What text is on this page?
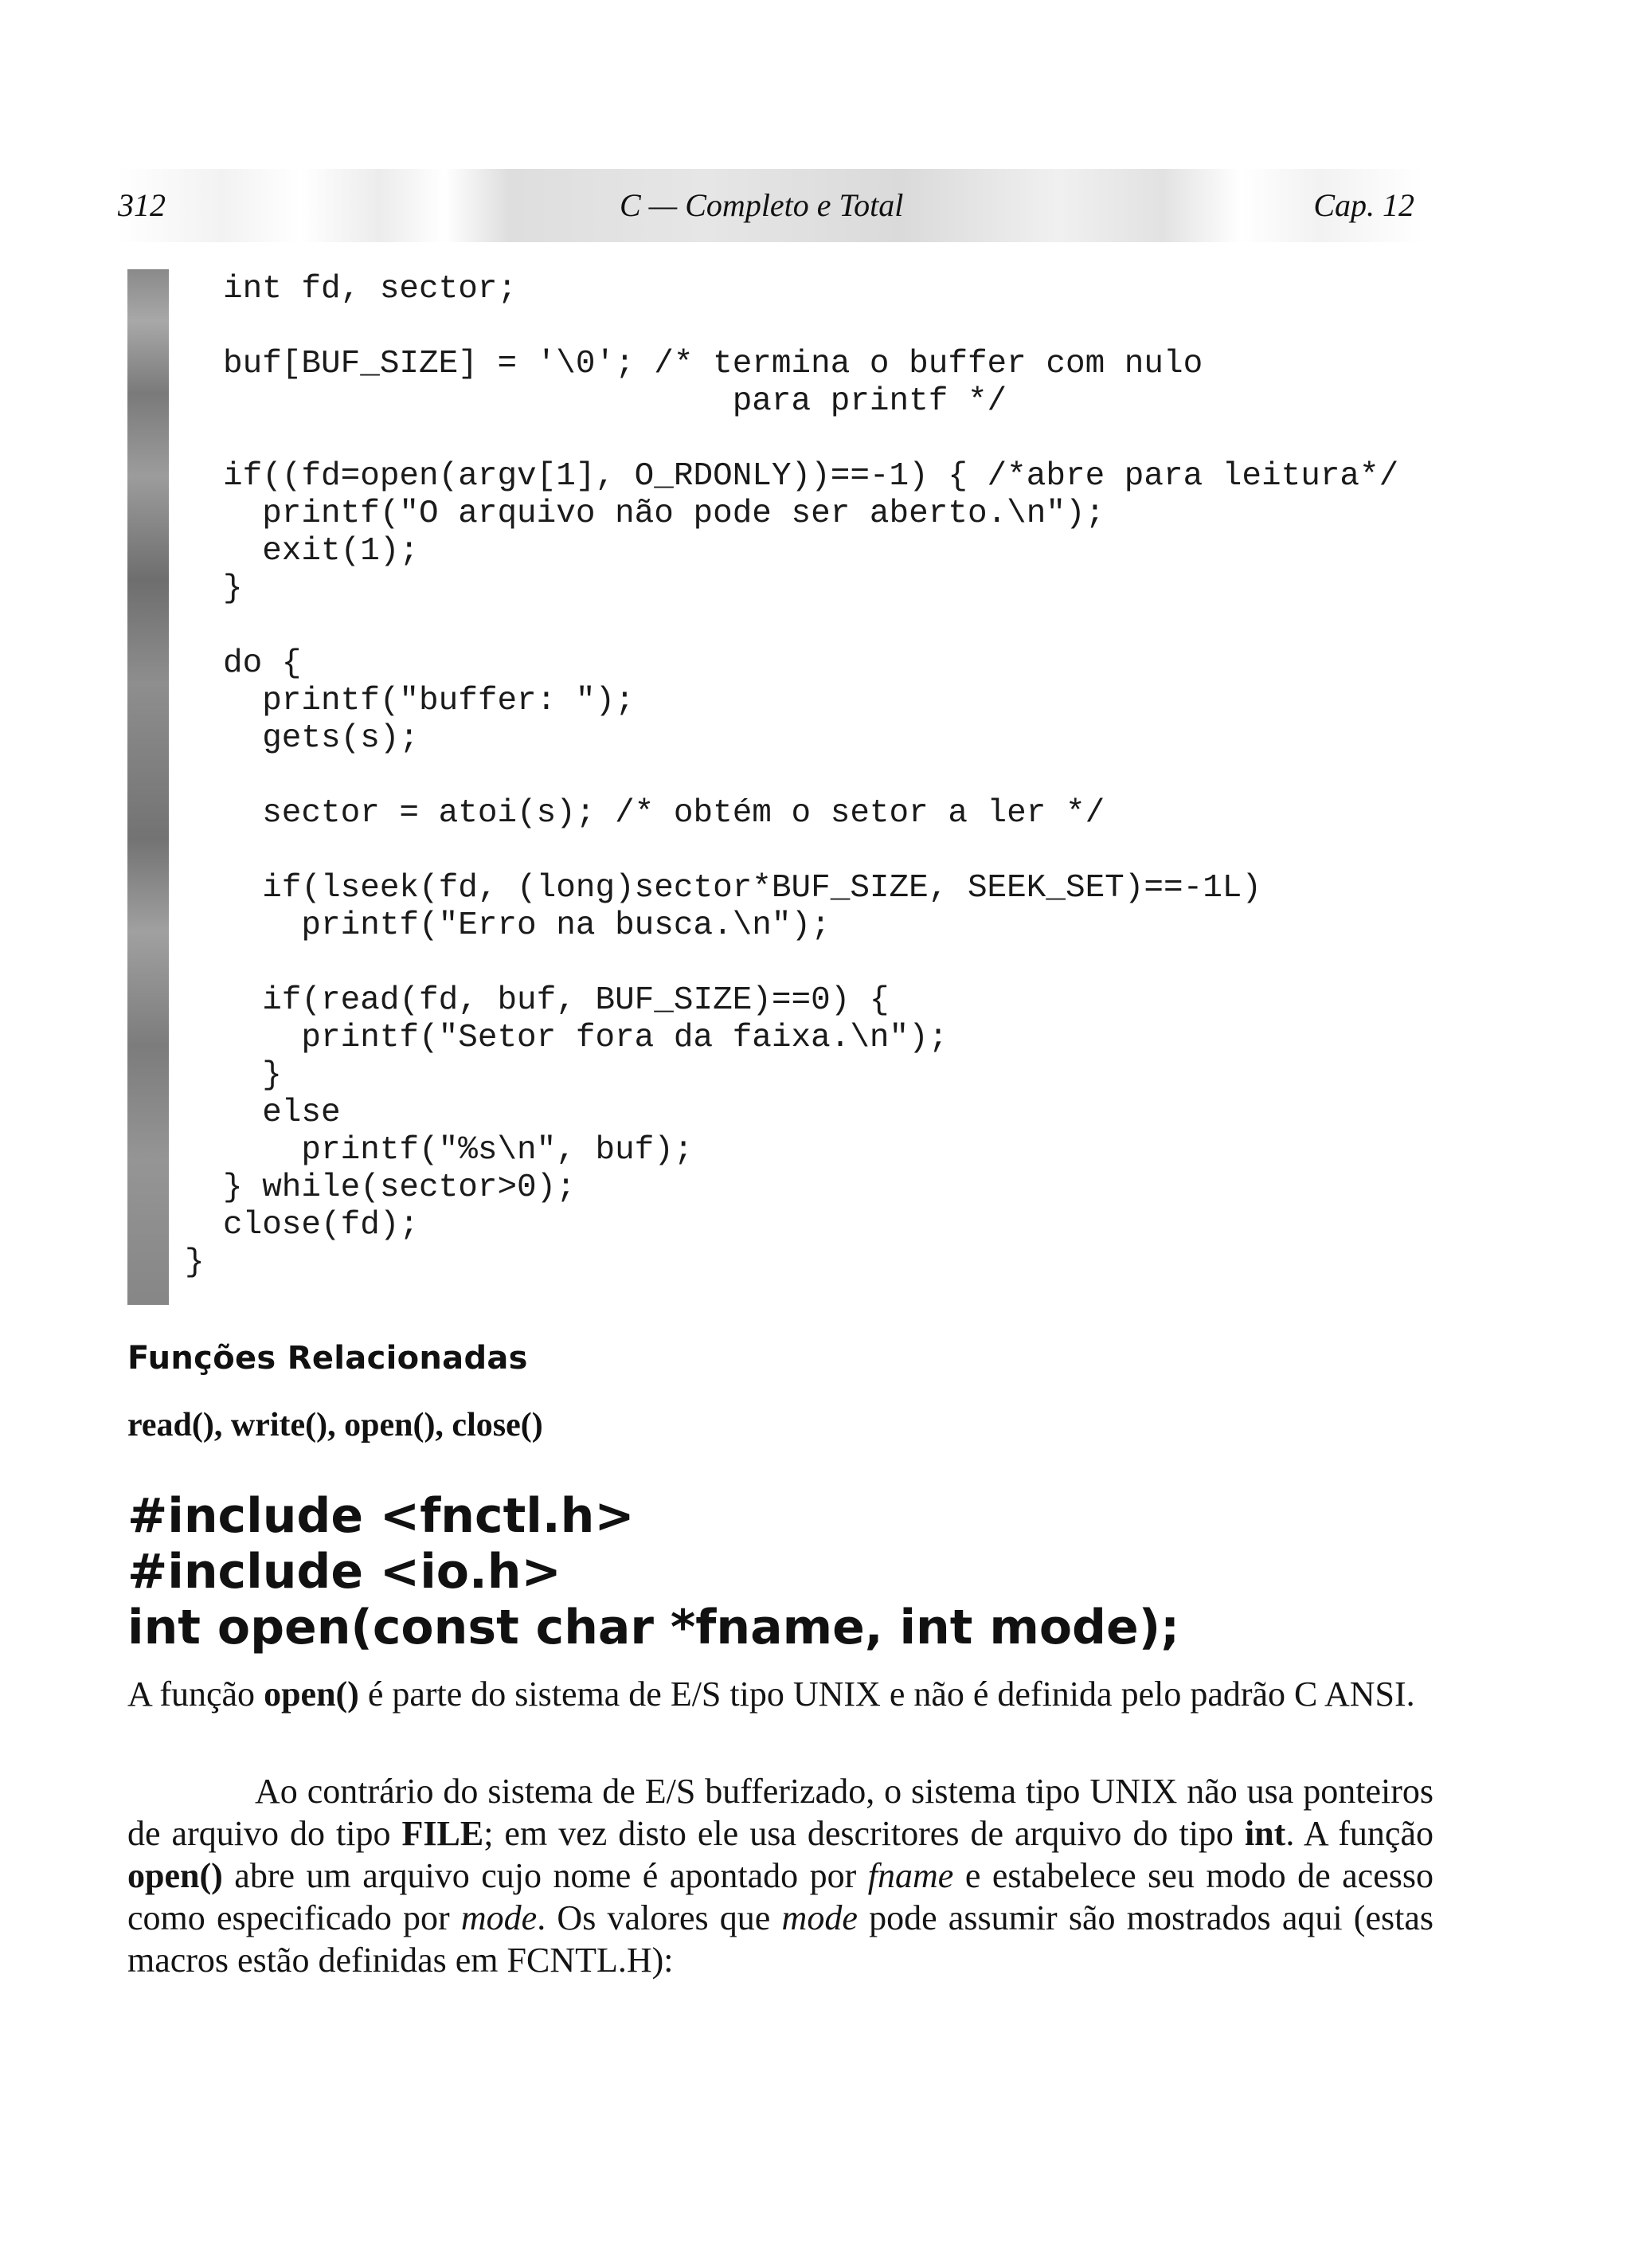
312	C — Completo e Total	Cap. 12
int fd, sector;
buf[BUF_SIZE] = '\0'; /* termina o buffer com nulo
para printf */
if((fd=open(argv[1], O_RDONLY))==-1) { /*abre para leitura*/
printf("O arquivo não pode ser aberto.\n");
exit(1);
}
do {
printf("buffer: ");
gets(s);
sector = atoi(s); /* obtém o setor a ler */
if(lseek(fd, (long)sector*BUF_SIZE, SEEK_SET)==-1L)
printf("Erro na busca.\n");
if(read(fd, buf, BUF_SIZE)==0) {
printf("Setor fora da faixa.\n");
}
else
printf("%s\n", buf);
} while(sector>0);
close(fd);
}
Funções Relacionadas

read(), write(), open(), close()

#include <fnctl.h>
#include <io.h>
int open(const char *fname, int mode);

A função open() é parte do sistema de E/S tipo UNIX e não é definida pelo padrão C ANSI.

Ao contrário do sistema de E/S bufferizado, o sistema tipo UNIX não usa ponteiros de arquivo do tipo FILE; em vez disto ele usa descritores de arquivo do tipo int. A função open() abre um arquivo cujo nome é apontado por fname e estabelece seu modo de acesso como especificado por mode. Os valores que mode pode assumir são mostrados aqui (estas macros estão definidas em FCNTL.H):
